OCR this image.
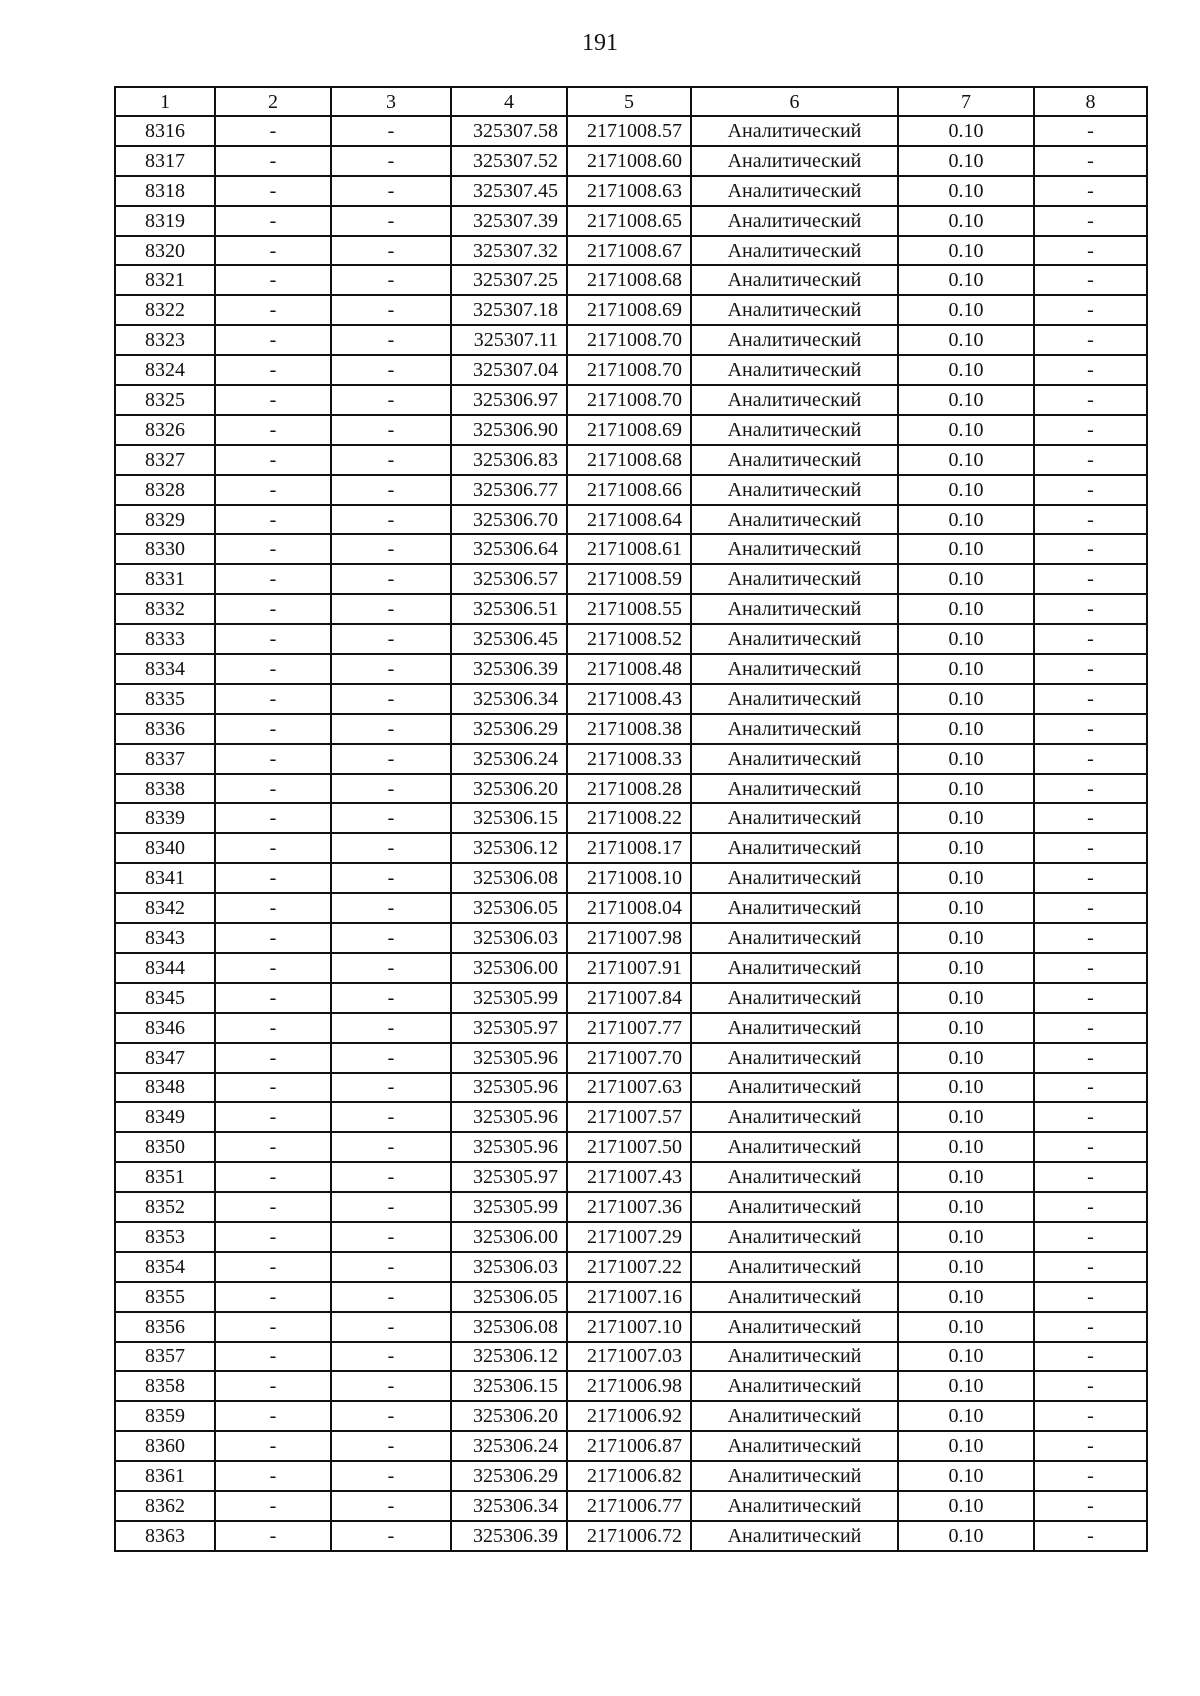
191
1	2	3	4	5	6	7	8
8316	-	-	325307.58	2171008.57	Аналитический	0.10	-
8317	-	-	325307.52	2171008.60	Аналитический	0.10	-
8318	-	-	325307.45	2171008.63	Аналитический	0.10	-
8319	-	-	325307.39	2171008.65	Аналитический	0.10	-
8320	-	-	325307.32	2171008.67	Аналитический	0.10	-
8321	-	-	325307.25	2171008.68	Аналитический	0.10	-
8322	-	-	325307.18	2171008.69	Аналитический	0.10	-
8323	-	-	325307.11	2171008.70	Аналитический	0.10	-
8324	-	-	325307.04	2171008.70	Аналитический	0.10	-
8325	-	-	325306.97	2171008.70	Аналитический	0.10	-
8326	-	-	325306.90	2171008.69	Аналитический	0.10	-
8327	-	-	325306.83	2171008.68	Аналитический	0.10	-
8328	-	-	325306.77	2171008.66	Аналитический	0.10	-
8329	-	-	325306.70	2171008.64	Аналитический	0.10	-
8330	-	-	325306.64	2171008.61	Аналитический	0.10	-
8331	-	-	325306.57	2171008.59	Аналитический	0.10	-
8332	-	-	325306.51	2171008.55	Аналитический	0.10	-
8333	-	-	325306.45	2171008.52	Аналитический	0.10	-
8334	-	-	325306.39	2171008.48	Аналитический	0.10	-
8335	-	-	325306.34	2171008.43	Аналитический	0.10	-
8336	-	-	325306.29	2171008.38	Аналитический	0.10	-
8337	-	-	325306.24	2171008.33	Аналитический	0.10	-
8338	-	-	325306.20	2171008.28	Аналитический	0.10	-
8339	-	-	325306.15	2171008.22	Аналитический	0.10	-
8340	-	-	325306.12	2171008.17	Аналитический	0.10	-
8341	-	-	325306.08	2171008.10	Аналитический	0.10	-
8342	-	-	325306.05	2171008.04	Аналитический	0.10	-
8343	-	-	325306.03	2171007.98	Аналитический	0.10	-
8344	-	-	325306.00	2171007.91	Аналитический	0.10	-
8345	-	-	325305.99	2171007.84	Аналитический	0.10	-
8346	-	-	325305.97	2171007.77	Аналитический	0.10	-
8347	-	-	325305.96	2171007.70	Аналитический	0.10	-
8348	-	-	325305.96	2171007.63	Аналитический	0.10	-
8349	-	-	325305.96	2171007.57	Аналитический	0.10	-
8350	-	-	325305.96	2171007.50	Аналитический	0.10	-
8351	-	-	325305.97	2171007.43	Аналитический	0.10	-
8352	-	-	325305.99	2171007.36	Аналитический	0.10	-
8353	-	-	325306.00	2171007.29	Аналитический	0.10	-
8354	-	-	325306.03	2171007.22	Аналитический	0.10	-
8355	-	-	325306.05	2171007.16	Аналитический	0.10	-
8356	-	-	325306.08	2171007.10	Аналитический	0.10	-
8357	-	-	325306.12	2171007.03	Аналитический	0.10	-
8358	-	-	325306.15	2171006.98	Аналитический	0.10	-
8359	-	-	325306.20	2171006.92	Аналитический	0.10	-
8360	-	-	325306.24	2171006.87	Аналитический	0.10	-
8361	-	-	325306.29	2171006.82	Аналитический	0.10	-
8362	-	-	325306.34	2171006.77	Аналитический	0.10	-
8363	-	-	325306.39	2171006.72	Аналитический	0.10	-
